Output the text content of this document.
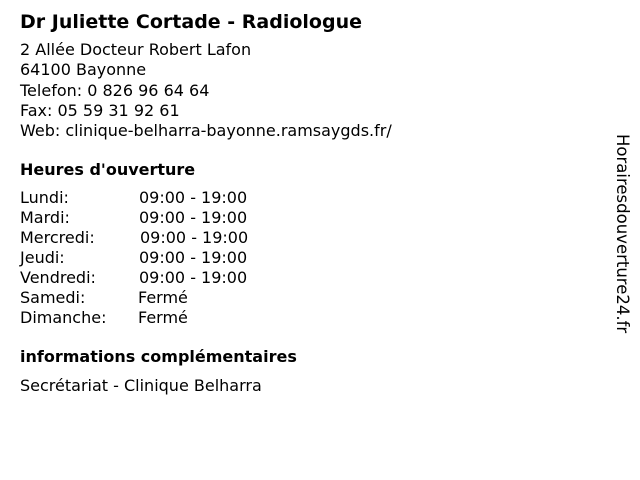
Dr Juliette Cortade - Radiologue
2 Allée Docteur Robert Lafon
64100 Bayonne
Telefon: 0 826 96 64 64
Fax: 05 59 31 92 61
Web: clinique-belharra-bayonne.ramsaygds.fr/
Heures d'ouverture
Lundi:	09:00 - 19:00
Mardi:	09:00 - 19:00
Mercredi:	09:00 - 19:00
Jeudi:	09:00 - 19:00
Vendredi:	09:00 - 19:00
Samedi:	Fermé
Dimanche: Fermé
informations complémentaires
Secrétariat - Clinique Belharra
Horairesdouverture24.fr
